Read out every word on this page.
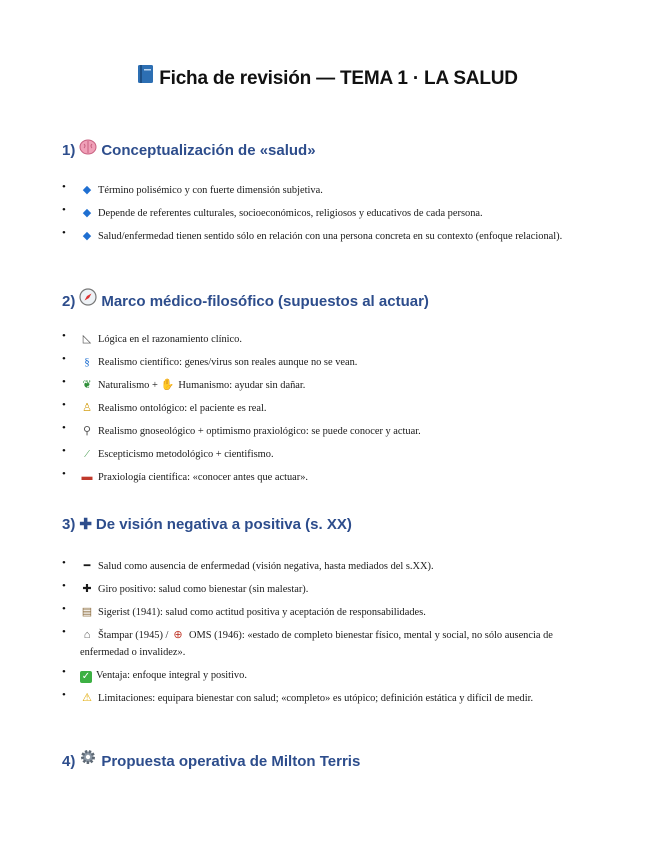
Ficha de revisión — TEMA 1 · LA SALUD
1) Conceptualización de «salud»
• ◆ Término polisémico y con fuerte dimensión subjetiva.
• ◆ Depende de referentes culturales, socioeconómicos, religiosos y educativos de cada persona.
• ◆ Salud/enfermedad tienen sentido sólo en relación con una persona concreta en su contexto (enfoque relacional).
2) Marco médico-filosófico (supuestos al actuar)
• ◺ Lógica en el razonamiento clínico.
• § Realismo científico: genes/virus son reales aunque no se vean.
• ❦ Naturalismo + ✋ Humanismo: ayudar sin dañar.
• ♙ Realismo ontológico: el paciente es real.
• ⚲ Realismo gnoseológico + optimismo praxiológico: se puede conocer y actuar.
• ⁄ Escepticismo metodológico + cientifismo.
• ▬ Praxiología científica: «conocer antes que actuar».
3) ✚ De visión negativa a positiva (s. XX)
• ━ Salud como ausencia de enfermedad (visión negativa, hasta mediados del s.XX).
• ✚ Giro positivo: salud como bienestar (sin malestar).
• ▤ Sigerist (1941): salud como actitud positiva y aceptación de responsabilidades.
• ⌂ Štampar (1945) / ⊕ OMS (1946): «estado de completo bienestar físico, mental y social, no sólo ausencia de enfermedad o invalidez».
• ✓ Ventaja: enfoque integral y positivo.
• ⚠ Limitaciones: equipara bienestar con salud; «completo» es utópico; definición estática y difícil de medir.
4) Propuesta operativa de Milton Terris
